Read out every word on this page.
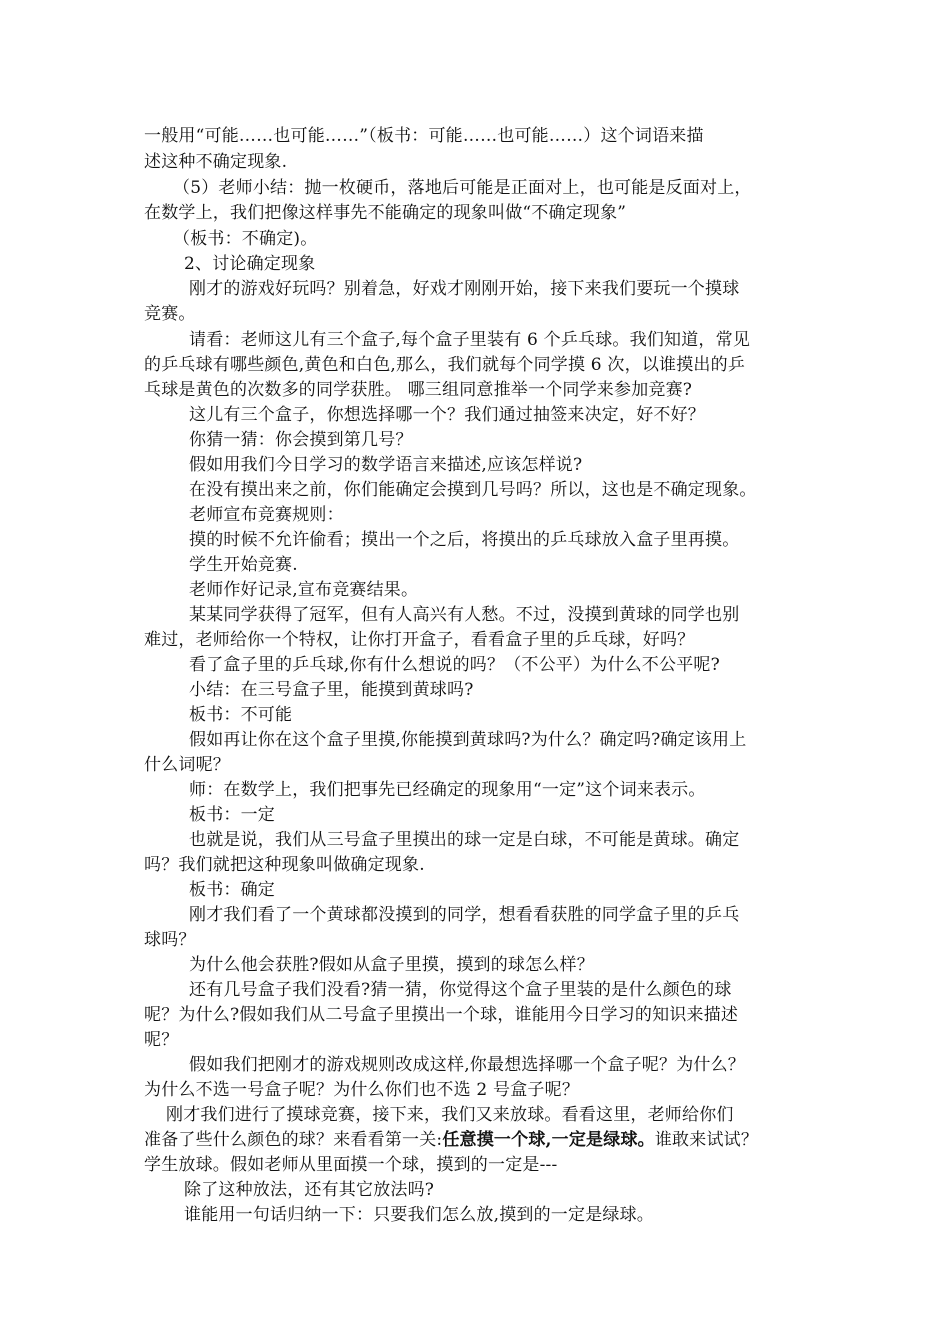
一般用“可能……也可能……”（板书：可能……也可能……）这个词语来描
述这种不确定现象.
（5）老师小结：抛一枚硬币，落地后可能是正面对上，也可能是反面对上，
在数学上，我们把像这样事先不能确定的现象叫做“不确定现象”
（板书：不确定)。
2、讨论确定现象
刚才的游戏好玩吗？别着急，好戏才刚刚开始，接下来我们要玩一个摸球
竞赛。
请看：老师这儿有三个盒子,每个盒子里装有 6 个乒乓球。我们知道，常见
的乒乓球有哪些颜色,黄色和白色,那么，我们就每个同学摸 6 次，以谁摸出的乒
乓球是黄色的次数多的同学获胜。 哪三组同意推举一个同学来参加竞赛?
这儿有三个盒子，你想选择哪一个？我们通过抽签来决定，好不好？
你猜一猜：你会摸到第几号？
假如用我们今日学习的数学语言来描述,应该怎样说?
在没有摸出来之前，你们能确定会摸到几号吗？所以，这也是不确定现象。
老师宣布竞赛规则：
摸的时候不允许偷看；摸出一个之后，将摸出的乒乓球放入盒子里再摸。
学生开始竞赛.
老师作好记录,宣布竞赛结果。
某某同学获得了冠军，但有人高兴有人愁。不过，没摸到黄球的同学也别
难过，老师给你一个特权，让你打开盒子，看看盒子里的乒乓球，好吗？
看了盒子里的乒乓球,你有什么想说的吗？（不公平）为什么不公平呢?
小结：在三号盒子里，能摸到黄球吗?
板书：不可能
假如再让你在这个盒子里摸,你能摸到黄球吗?为什么？确定吗?确定该用上
什么词呢？
师：在数学上，我们把事先已经确定的现象用“一定”这个词来表示。
板书：一定
也就是说，我们从三号盒子里摸出的球一定是白球，不可能是黄球。确定
吗？我们就把这种现象叫做确定现象.
板书：确定
刚才我们看了一个黄球都没摸到的同学，想看看获胜的同学盒子里的乒乓
球吗？
为什么他会获胜?假如从盒子里摸，摸到的球怎么样？
还有几号盒子我们没看?猜一猜，你觉得这个盒子里装的是什么颜色的球
呢？为什么?假如我们从二号盒子里摸出一个球，谁能用今日学习的知识来描述
呢？
假如我们把刚才的游戏规则改成这样,你最想选择哪一个盒子呢？为什么？
为什么不选一号盒子呢？为什么你们也不选 2 号盒子呢？
刚才我们进行了摸球竞赛，接下来，我们又来放球。看看这里，老师给你们
准备了些什么颜色的球？来看看第一关:任意摸一个球,一定是绿球。谁敢来试试？
学生放球。假如老师从里面摸一个球，摸到的一定是---
除了这种放法，还有其它放法吗?
谁能用一句话归纳一下：只要我们怎么放,摸到的一定是绿球。
